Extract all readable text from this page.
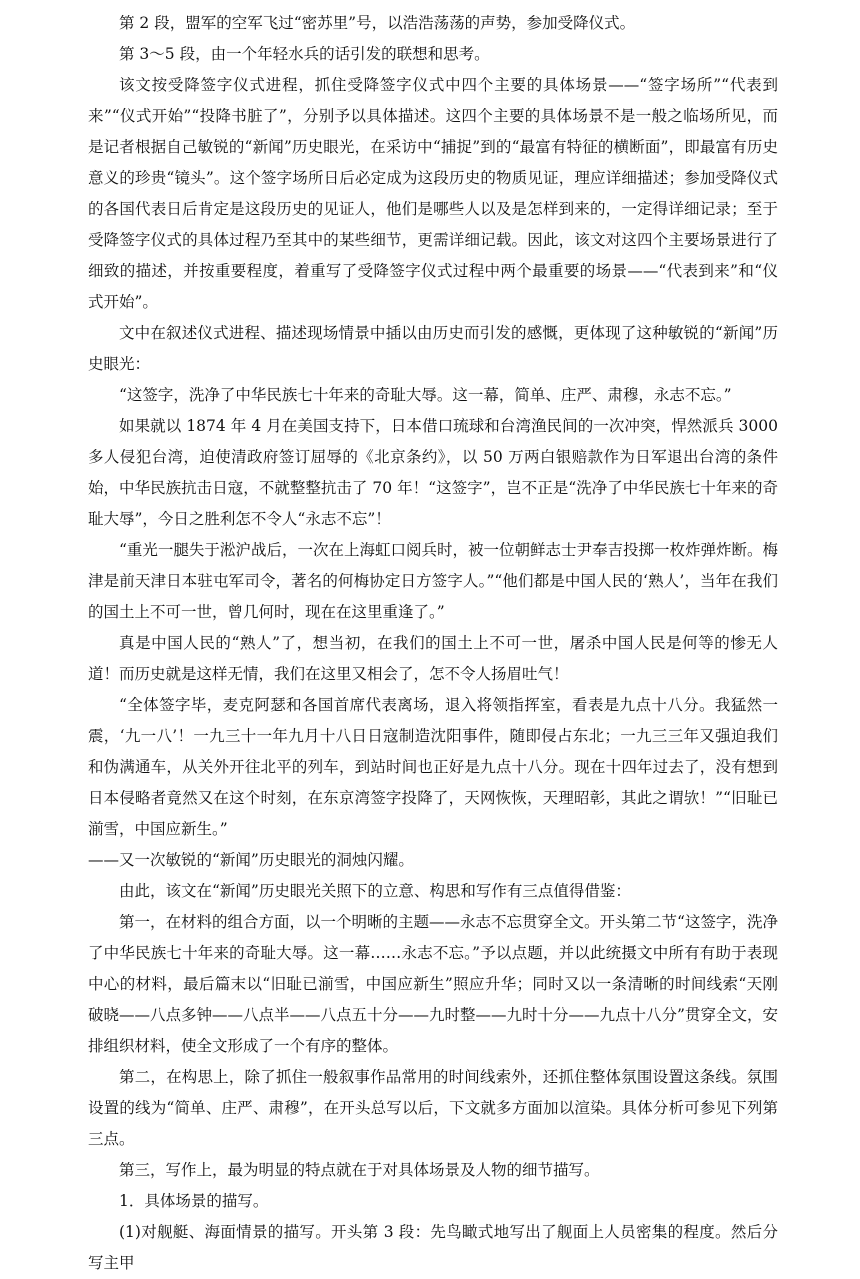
第 2 段，盟军的空军飞过“密苏里”号，以浩浩荡荡的声势，参加受降仪式。

第 3～5 段，由一个年轻水兵的话引发的联想和思考。

该文按受降签字仪式进程，抓住受降签字仪式中四个主要的具体场景——“签字场所”“代表到来”“仪式开始”“投降书脏了”，分别予以具体描述。这四个主要的具体场景不是一般之临场所见，而是记者根据自己敏锐的“新闻”历史眼光，在采访中“捕捉”到的“最富有特征的横断面”，即最富有历史意义的珍贵“镜头”。这个签字场所日后必定成为这段历史的物质见证，理应详细描述；参加受降仪式的各国代表日后肯定是这段历史的见证人，他们是哪些人以及是怎样到来的，一定得详细记录；至于受降签字仪式的具体过程乃至其中的某些细节，更需详细记载。因此，该文对这四个主要场景进行了细致的描述，并按重要程度，着重写了受降签字仪式过程中两个最重要的场景——“代表到来”和“仪式开始”。

文中在叙述仪式进程、描述现场情景中插以由历史而引发的感慨，更体现了这种敏锐的“新闻”历史眼光：

“这签字，洗净了中华民族七十年来的奇耻大辱。这一幕，简单、庄严、肃穆，永志不忘。”

如果就以 1874 年 4 月在美国支持下，日本借口琉球和台湾渔民间的一次冲突，悍然派兵 3000 多人侵犯台湾，迫使清政府签订屈辱的《北京条约》，以 50 万两白银赔款作为日军退出台湾的条件始，中华民族抗击日寇，不就整整抗击了 70 年！“这签字”，岂不正是“洗净了中华民族七十年来的奇耻大辱”，今日之胜利怎不令人“永志不忘”！

“重光一腿失于淞沪战后，一次在上海虹口阅兵时，被一位朝鲜志士尹奉吉投掷一枚炸弹炸断。梅津是前天津日本驻屯军司令，著名的何梅协定日方签字人。”“他们都是中国人民的‘熟人’，当年在我们的国土上不可一世，曾几何时，现在在这里重逢了。”

真是中国人民的“熟人”了，想当初，在我们的国土上不可一世，屠杀中国人民是何等的惨无人道！而历史就是这样无情，我们在这里又相会了，怎不令人扬眉吐气！

“全体签字毕，麦克阿瑟和各国首席代表离场，退入将领指挥室，看表是九点十八分。我猛然一震，‘九一八’！一九三十一年九月十八日日寇制造沈阳事件，随即侵占东北；一九三三年又强迫我们和伪满通车，从关外开往北平的列车，到站时间也正好是九点十八分。现在十四年过去了，没有想到日本侵略者竟然又在这个时刻，在东京湾签字投降了，天网恢恢，天理昭彰，其此之谓欤！”“旧耻已湔雪，中国应新生。”

——又一次敏锐的“新闻”历史眼光的洞烛闪耀。

由此，该文在“新闻”历史眼光关照下的立意、构思和写作有三点值得借鉴：

第一，在材料的组合方面，以一个明晰的主题——永志不忘贯穿全文。开头第二节“这签字，洗净了中华民族七十年来的奇耻大辱。这一幕……永志不忘。”予以点题，并以此统摄文中所有有助于表现中心的材料，最后篇末以“旧耻已湔雪，中国应新生”照应升华；同时又以一条清晰的时间线索“天刚破晓——八点多钟——八点半——八点五十分——九时整——九时十分——九点十八分”贯穿全文，安排组织材料，使全文形成了一个有序的整体。

第二，在构思上，除了抓住一般叙事作品常用的时间线索外，还抓住整体氛围设置这条线。氛围设置的线为“简单、庄严、肃穆”，在开头总写以后，下文就多方面加以渲染。具体分析可参见下列第三点。

第三，写作上，最为明显的特点就在于对具体场景及人物的细节描写。

1．具体场景的描写。

(1)对舰艇、海面情景的描写。开头第 3 段：先鸟瞰式地写出了舰面上人员密集的程度。然后分写主甲
